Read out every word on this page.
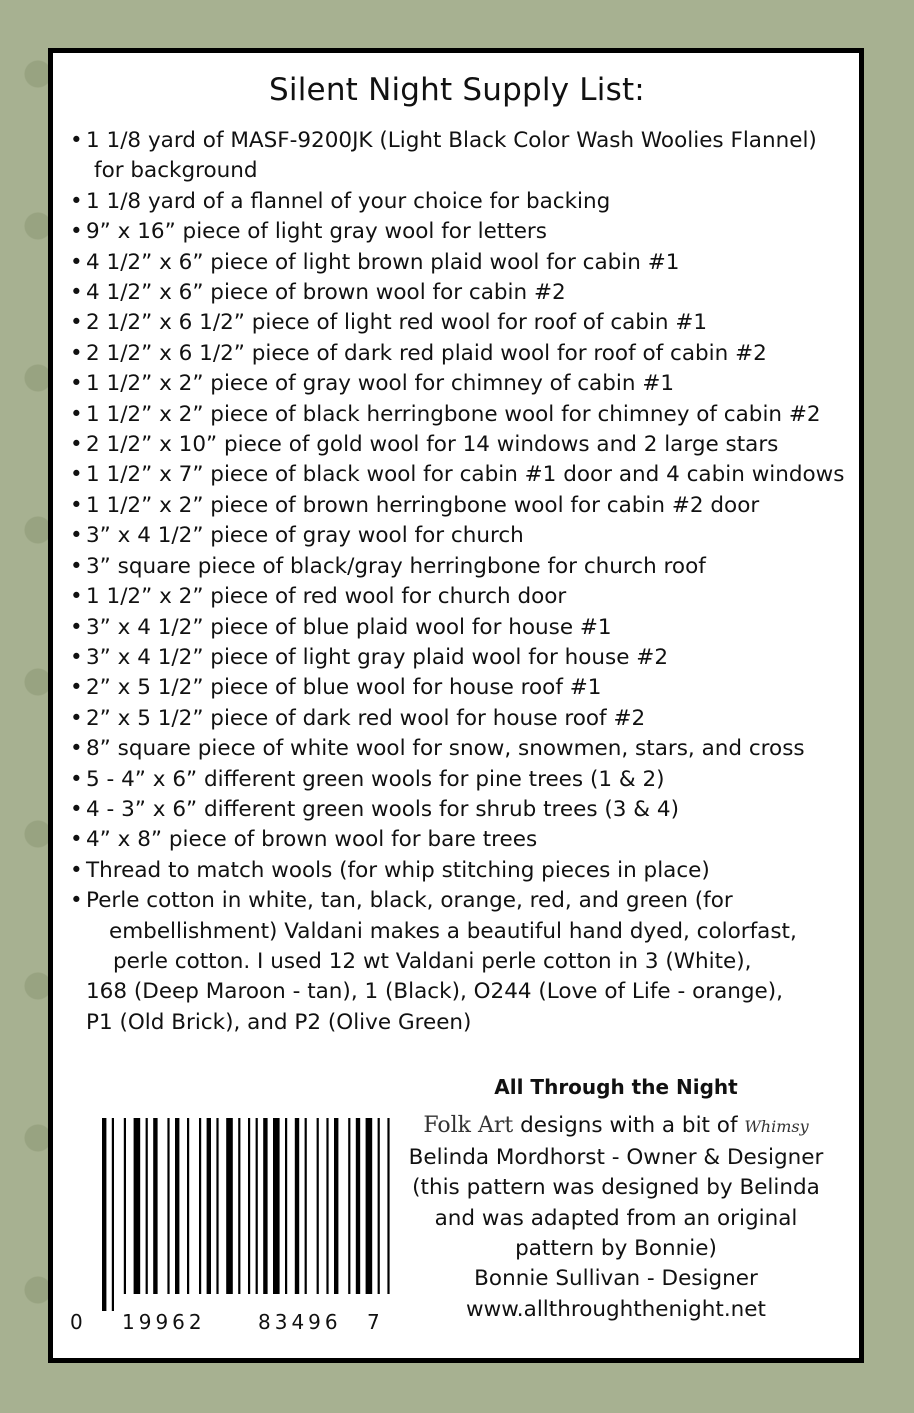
Silent Night Supply List:
• 1 1/8 yard of MASF-9200JK (Light Black Color Wash Woolies Flannel)
for background
• 1 1/8 yard of a flannel of your choice for backing
• 9” x 16” piece of light gray wool for letters
• 4 1/2” x 6” piece of light brown plaid wool for cabin #1
• 4 1/2” x 6” piece of brown wool for cabin #2
• 2 1/2” x 6 1/2” piece of light red wool for roof of cabin #1
• 2 1/2” x 6 1/2” piece of dark red plaid wool for roof of cabin #2
• 1 1/2” x 2” piece of gray wool for chimney of cabin #1
• 1 1/2” x 2” piece of black herringbone wool for chimney of cabin #2
• 2 1/2” x 10” piece of gold wool for 14 windows and 2 large stars
• 1 1/2” x 7” piece of black wool for cabin #1 door and 4 cabin windows
• 1 1/2” x 2” piece of brown herringbone wool for cabin #2 door
• 3” x 4 1/2” piece of gray wool for church
• 3” square piece of black/gray herringbone for church roof
• 1 1/2” x 2” piece of red wool for church door
• 3” x 4 1/2” piece of blue plaid wool for house #1
• 3” x 4 1/2” piece of light gray plaid wool for house #2
• 2” x 5 1/2” piece of blue wool for house roof #1
• 2” x 5 1/2” piece of dark red wool for house roof #2
• 8” square piece of white wool for snow, snowmen, stars, and cross
• 5 - 4” x 6” different green wools for pine trees (1 & 2)
• 4 - 3” x 6” different green wools for shrub trees (3 & 4)
• 4” x 8” piece of brown wool for bare trees
• Thread to match wools (for whip stitching pieces in place)
• Perle cotton in white, tan, black, orange, red, and green (for
embellishment) Valdani makes a beautiful hand dyed, colorfast,
perle cotton. I used 12 wt Valdani perle cotton in 3 (White),
168 (Deep Maroon - tan), 1 (Black), O244 (Love of Life - orange),
P1 (Old Brick), and P2 (Olive Green)
All Through the Night
Folk Art designs with a bit of Whimsy
Belinda Mordhorst - Owner & Designer
(this pattern was designed by Belinda
and was adapted from an original
pattern by Bonnie)
Bonnie Sullivan - Designer
www.allthroughthenight.net
0 19962	83496 7
